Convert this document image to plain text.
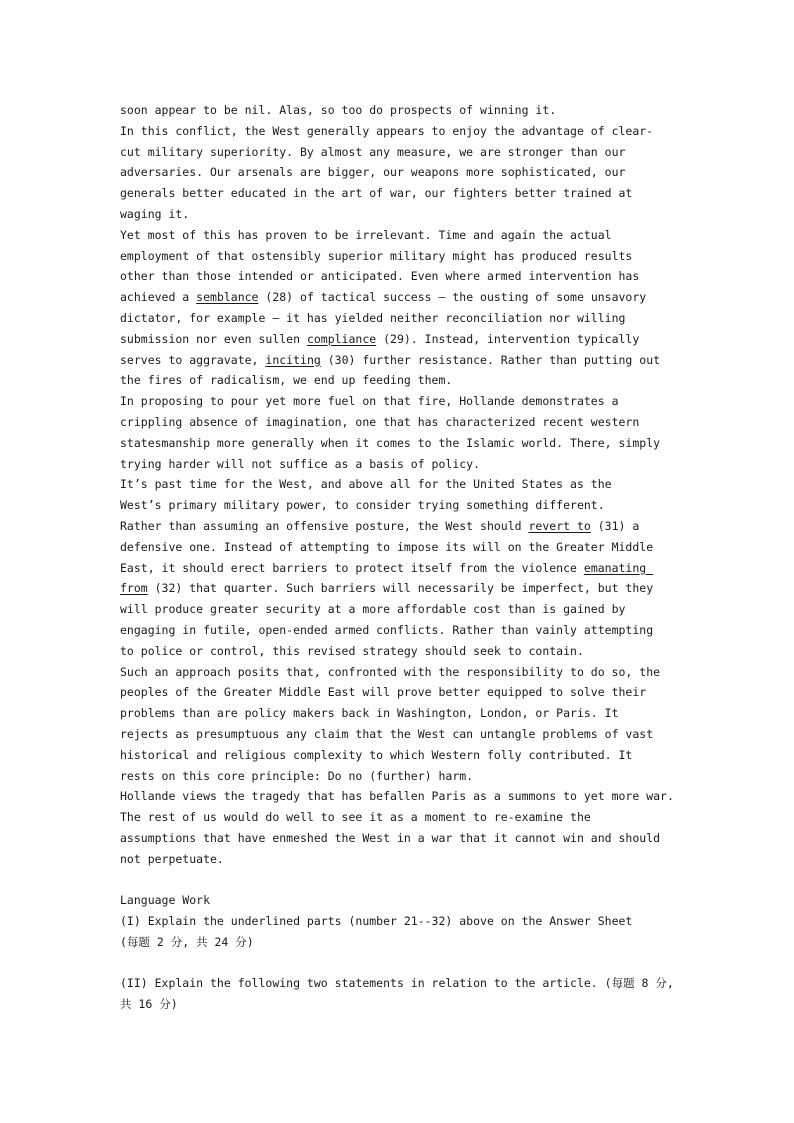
soon appear to be nil. Alas, so too do prospects of winning it.
In this conflict, the West generally appears to enjoy the advantage of clear-
cut military superiority. By almost any measure, we are stronger than our
adversaries. Our arsenals are bigger, our weapons more sophisticated, our
generals better educated in the art of war, our fighters better trained at
waging it.
Yet most of this has proven to be irrelevant. Time and again the actual
employment of that ostensibly superior military might has produced results
other than those intended or anticipated. Even where armed intervention has
achieved a semblance (28) of tactical success – the ousting of some unsavory
dictator, for example – it has yielded neither reconciliation nor willing
submission nor even sullen compliance (29). Instead, intervention typically
serves to aggravate, inciting (30) further resistance. Rather than putting out
the fires of radicalism, we end up feeding them.
In proposing to pour yet more fuel on that fire, Hollande demonstrates a
crippling absence of imagination, one that has characterized recent western
statesmanship more generally when it comes to the Islamic world. There, simply
trying harder will not suffice as a basis of policy.
It’s past time for the West, and above all for the United States as the
West’s primary military power, to consider trying something different.
Rather than assuming an offensive posture, the West should revert to (31) a
defensive one. Instead of attempting to impose its will on the Greater Middle
East, it should erect barriers to protect itself from the violence emanating
from (32) that quarter. Such barriers will necessarily be imperfect, but they
will produce greater security at a more affordable cost than is gained by
engaging in futile, open-ended armed conflicts. Rather than vainly attempting
to police or control, this revised strategy should seek to contain.
Such an approach posits that, confronted with the responsibility to do so, the
peoples of the Greater Middle East will prove better equipped to solve their
problems than are policy makers back in Washington, London, or Paris. It
rejects as presumptuous any claim that the West can untangle problems of vast
historical and religious complexity to which Western folly contributed. It
rests on this core principle: Do no (further) harm.
Hollande views the tragedy that has befallen Paris as a summons to yet more war.
The rest of us would do well to see it as a moment to re-examine the
assumptions that have enmeshed the West in a war that it cannot win and should
not perpetuate.
Language Work
(I) Explain the underlined parts (number 21--32) above on the Answer Sheet
(每题 2 分, 共 24 分)
(II) Explain the following two statements in relation to the article. (每题 8 分,
共 16 分)
